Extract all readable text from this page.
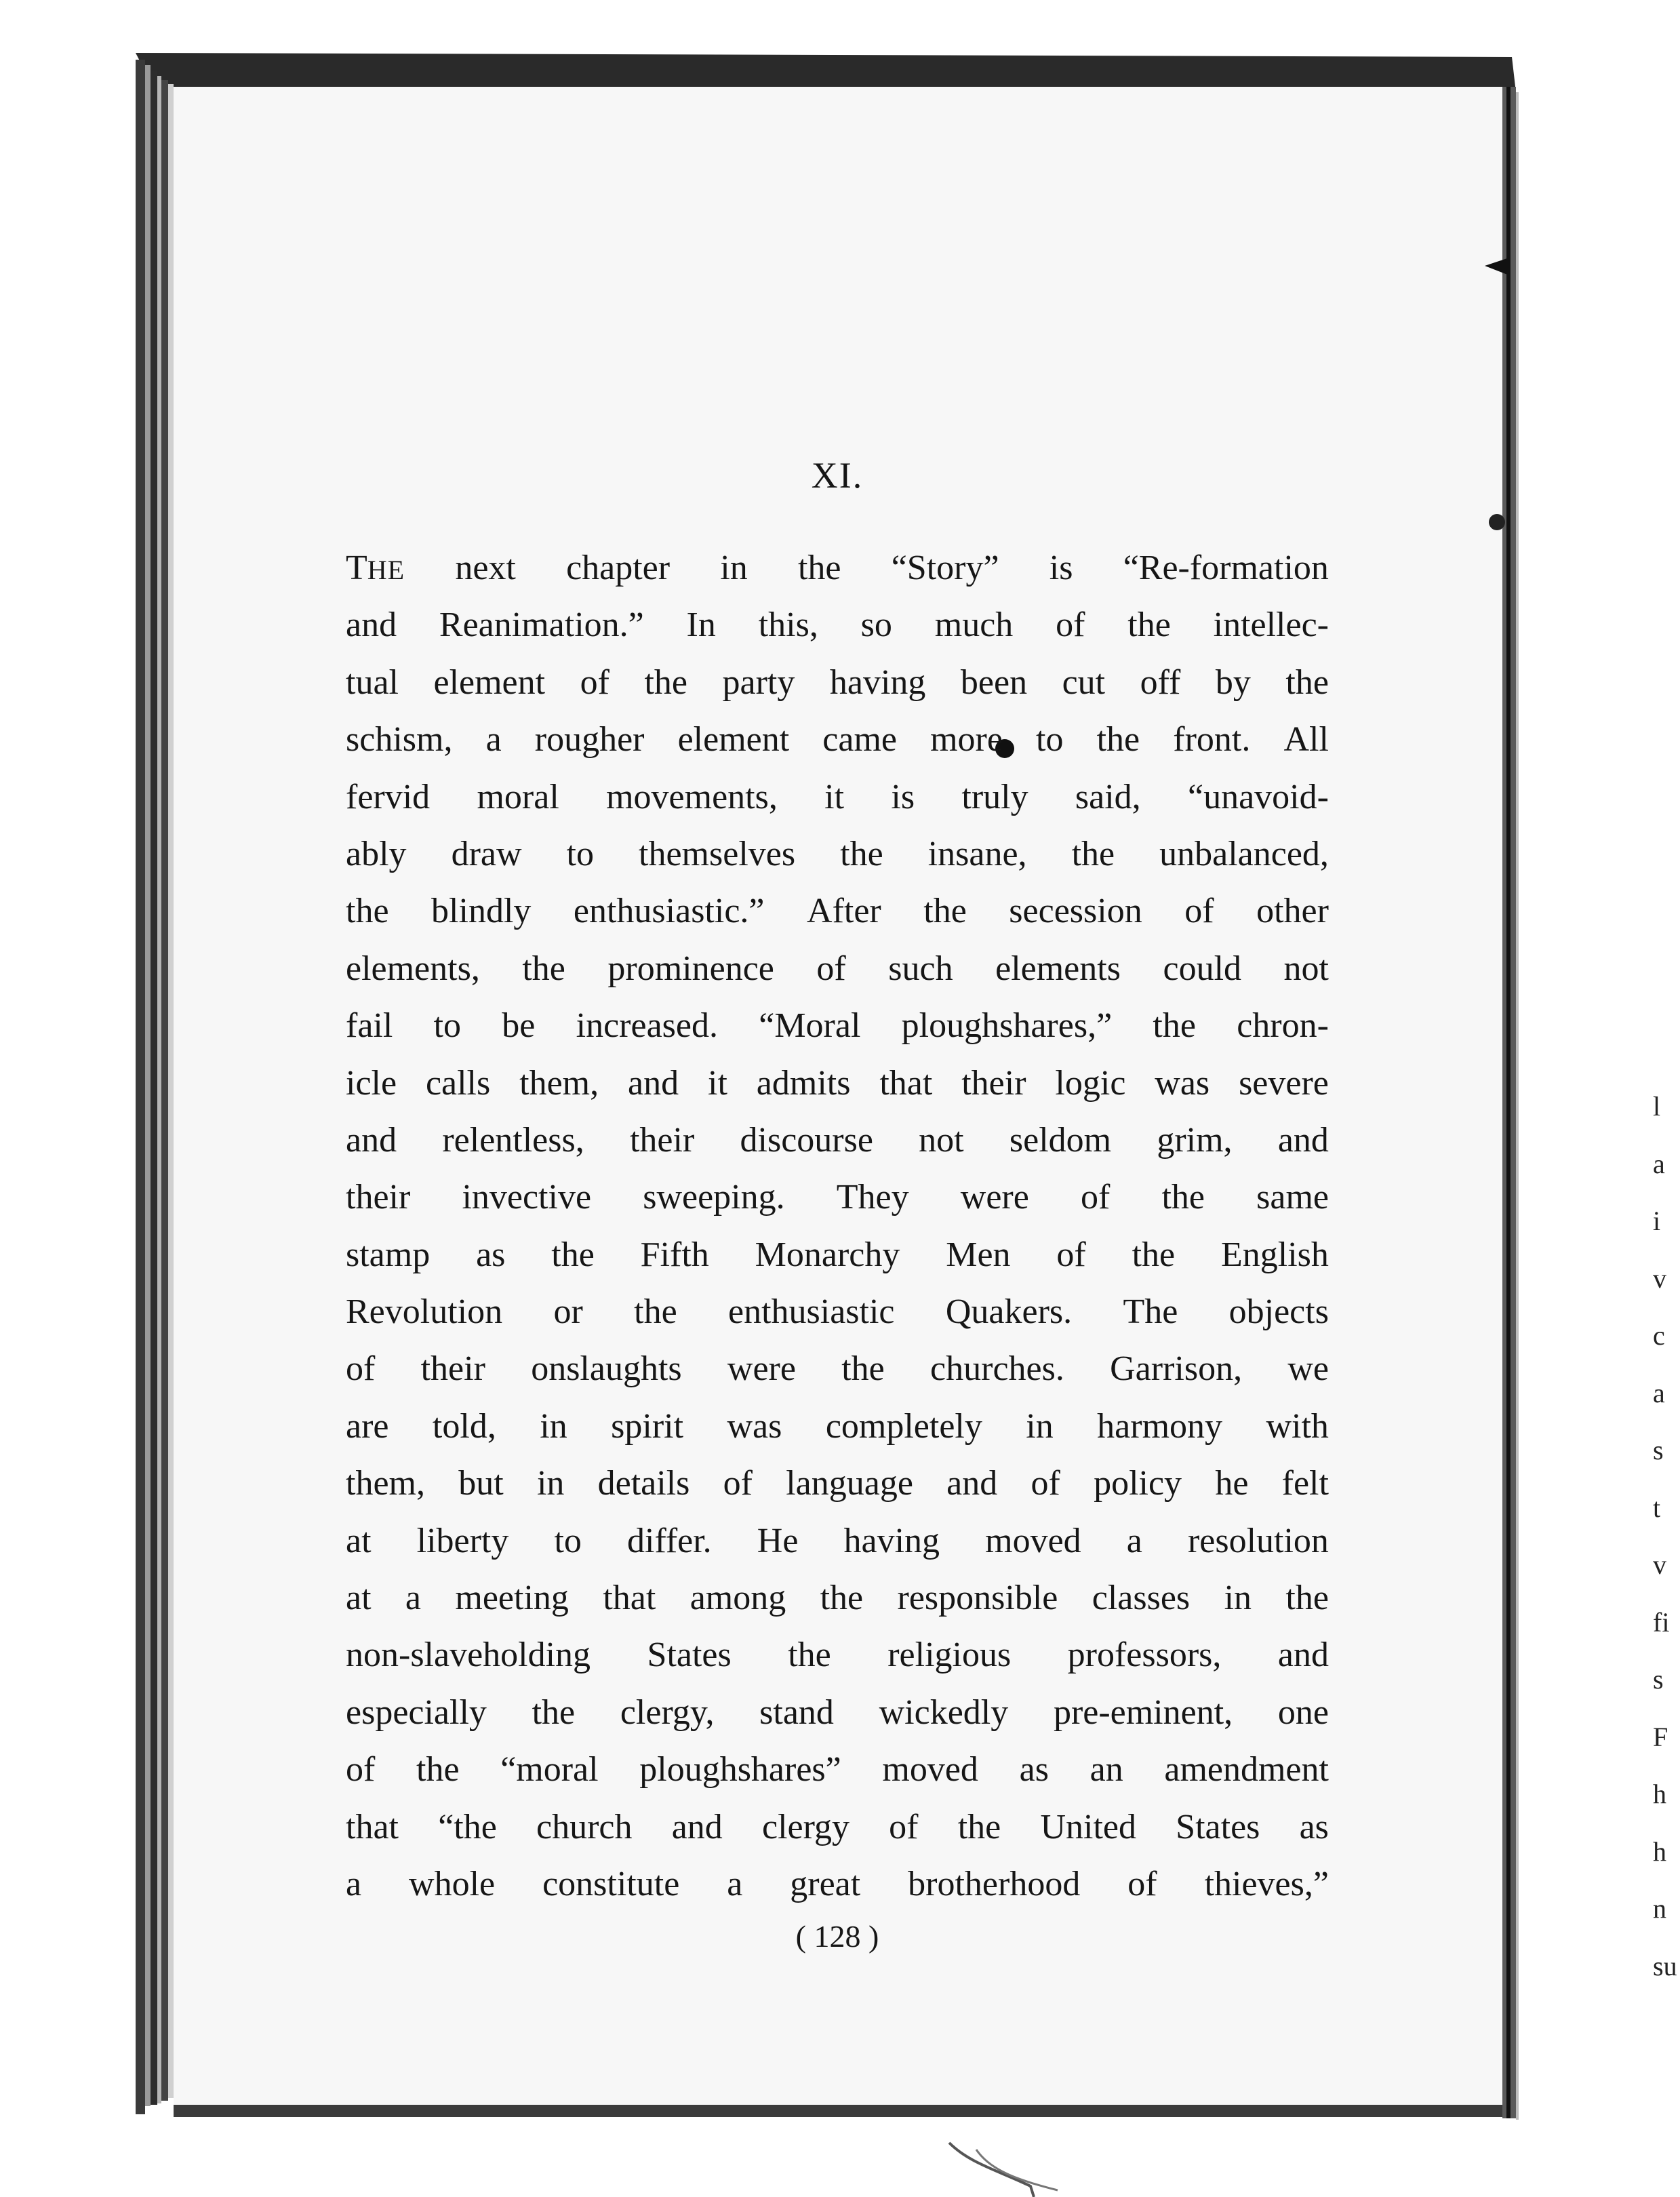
XI.
THE next chapter in the “Story” is “Re-formation
and Reanimation.” In this, so much of the intellec-
tual element of the party having been cut off by the
schism, a rougher element came more to the front. All
fervid moral movements, it is truly said, “unavoid-
ably draw to themselves the insane, the unbalanced,
the blindly enthusiastic.” After the secession of other
elements, the prominence of such elements could not
fail to be increased. “Moral ploughshares,” the chron-
icle calls them, and it admits that their logic was severe
and relentless, their discourse not seldom grim, and
their invective sweeping. They were of the same
stamp as the Fifth Monarchy Men of the English
Revolution or the enthusiastic Quakers. The objects
of their onslaughts were the churches. Garrison, we
are told, in spirit was completely in harmony with
them, but in details of language and of policy he felt
at liberty to differ. He having moved a resolution
at a meeting that among the responsible classes in the
non-slaveholding States the religious professors, and
especially the clergy, stand wickedly pre-eminent, one
of the “moral ploughshares” moved as an amendment
that “the church and clergy of the United States as
a whole constitute a great brotherhood of thieves,”
( 128 )
l
a
i
v
c
a
s
t
v
fi
s
F
h
h
n
su
